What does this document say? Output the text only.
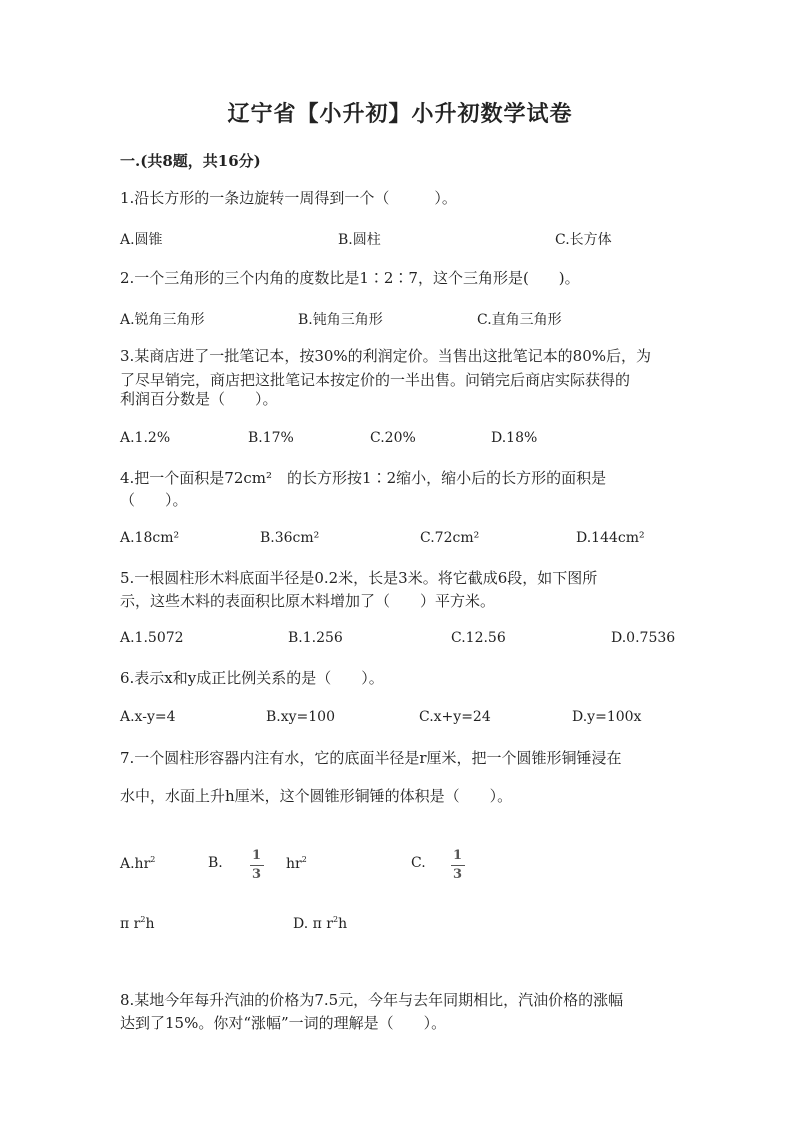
辽宁省【小升初】小升初数学试卷
一.(共8题，共16分)
1.沿长方形的一条边旋转一周得到一个（　　　）。
A.圆锥	B.圆柱	C.长方体
2.一个三角形的三个内角的度数比是1∶2∶7，这个三角形是(　　)。
A.锐角三角形	B.钝角三角形	C.直角三角形
3.某商店进了一批笔记本，按30%的利润定价。当售出这批笔记本的80%后，为
了尽早销完，商店把这批笔记本按定价的一半出售。问销完后商店实际获得的
利润百分数是（　　）。
A.1.2%	B.17%	C.20%	D.18%
4.把一个面积是72cm²　的长方形按1∶2缩小，缩小后的长方形的面积是
（　　）。
A.18cm²	B.36cm²	C.72cm²	D.144cm²
5.一根圆柱形木料底面半径是0.2米，长是3米。将它截成6段，如下图所
示，这些木料的表面积比原木料增加了（　　）平方米。
A.1.5072	B.1.256	C.12.56	D.0.7536
6.表示x和y成正比例关系的是（　　）。
A.x-y=4	B.xy=100	C.x+y=24	D.y=100x
7.一个圆柱形容器内注有水，它的底面半径是r厘米，把一个圆锥形铜锤浸在
水中，水面上升h厘米，这个圆锥形铜锤的体积是（　　）。
$A.hr^2$	B. 1
3
$hr^2$	C. 1
3
π $r^2h$	D. π $r^2h$
8.某地今年每升汽油的价格为7.5元，今年与去年同期相比，汽油价格的涨幅
达到了15%。你对“涨幅”一词的理解是（　　）。
